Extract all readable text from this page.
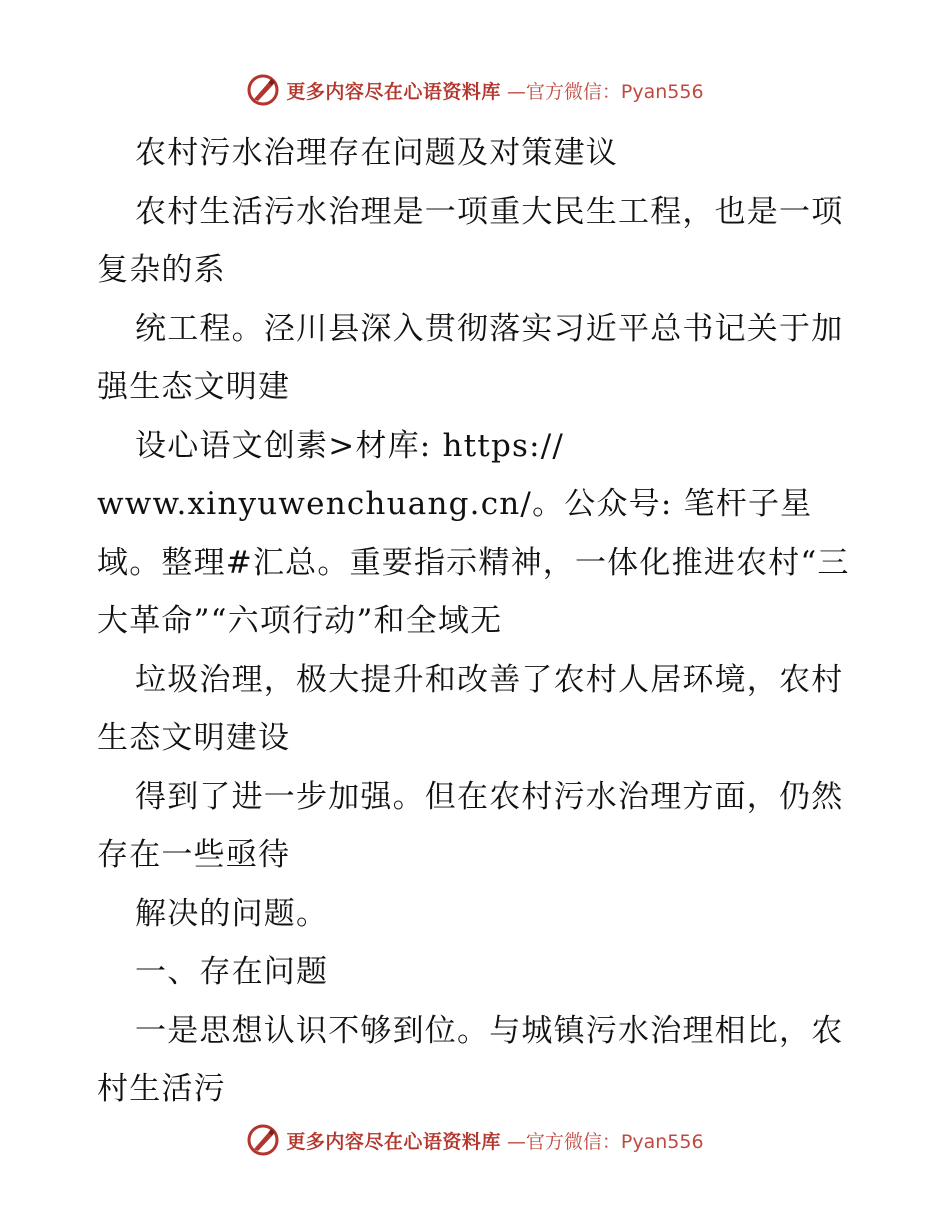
更多内容尽在心语资料库 —官方微信：Pyan556

农村污水治理存在问题及对策建议

农村生活污水治理是一项重大民生工程，也是一项复杂的系

统工程。泾川县深入贯彻落实习近平总书记关于加强生态文明建

设心语文创素>材库: https://

www.xinyuwenchuang.cn/。公众号: 笔杆子星域。整理#汇总。重要指示精神，一体化推进农村“三大革命”“六项行动”和全域无

垃圾治理，极大提升和改善了农村人居环境，农村生态文明建设

得到了进一步加强。但在农村污水治理方面，仍然存在一些亟待

解决的问题。

一、存在问题

一是思想认识不够到位。与城镇污水治理相比，农村生活污

更多内容尽在心语资料库 —官方微信：Pyan556
